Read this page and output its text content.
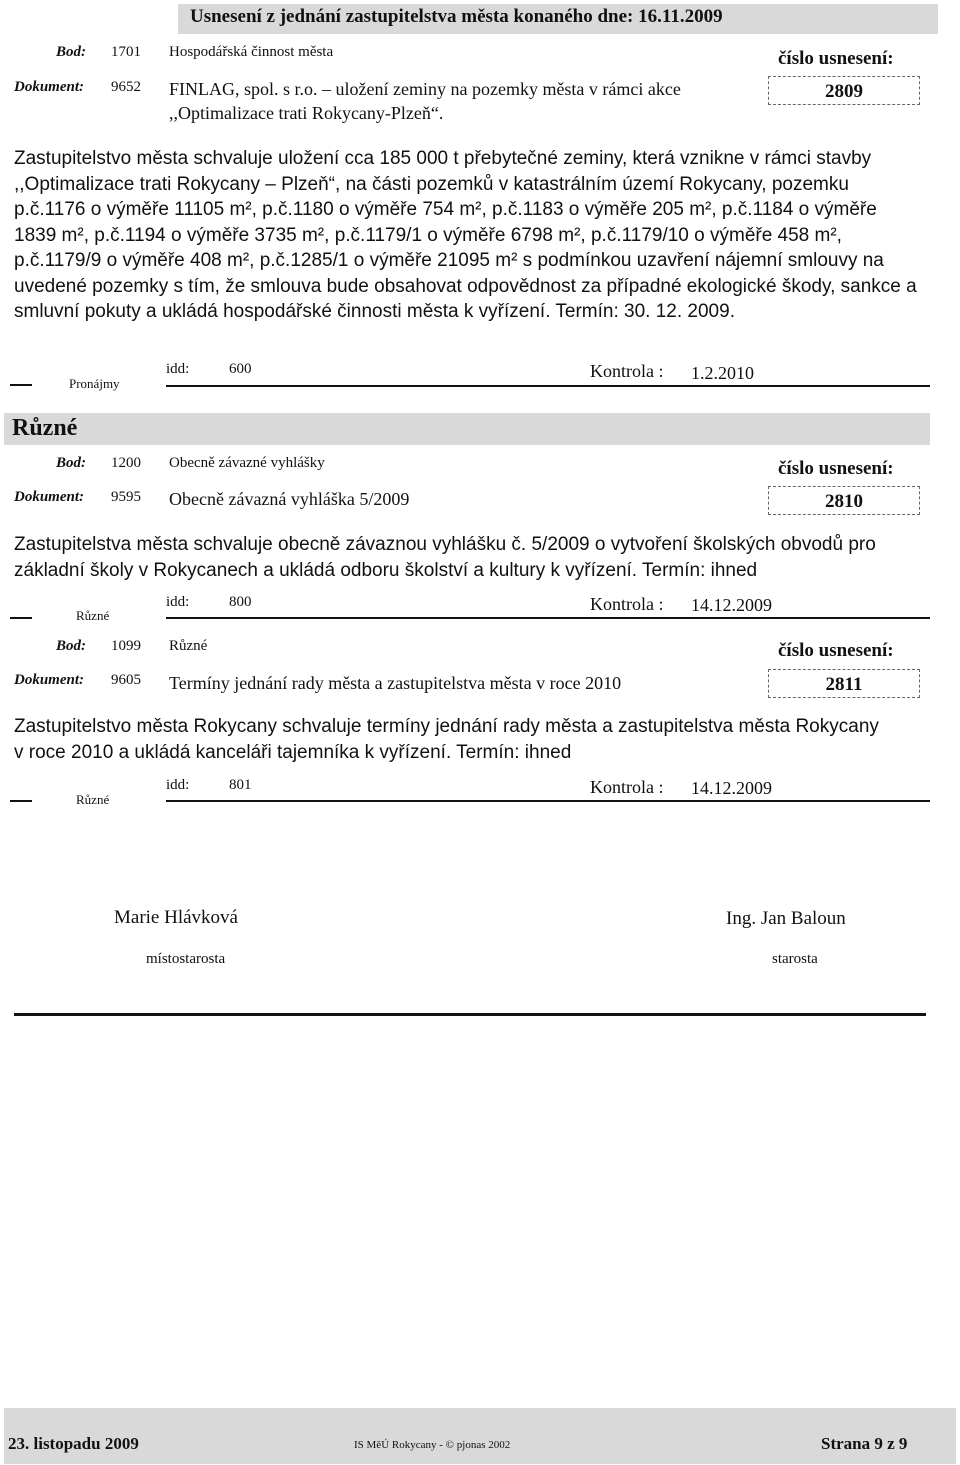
Usnesení z jednání zastupitelstva města konaného dne: 16.11.2009
Bod: 1701 Hospodářská činnost města	číslo usnesení:
Dokument: 9652 FINLAG, spol. s r.o. – uložení zeminy na pozemky města v rámci akce
,,Optimalizace trati Rokycany-Plzeň“.
2809
Zastupitelstvo města schvaluje uložení cca 185 000 t přebytečné zeminy, která vznikne v rámci stavby ,,Optimalizace trati Rokycany – Plzeň“, na části pozemků v katastrálním území Rokycany, pozemku p.č.1176 o výměře 11105 m², p.č.1180 o výměře 754 m², p.č.1183 o výměře 205 m², p.č.1184 o výměře 1839 m², p.č.1194 o výměře 3735 m², p.č.1179/1 o výměře 6798 m², p.č.1179/10 o výměře 458 m², p.č.1179/9 o výměře 408 m², p.č.1285/1 o výměře 21095 m² s podmínkou uzavření nájemní smlouvy na uvedené pozemky s tím, že smlouva bude obsahovat odpovědnost za případné ekologické škody, sankce a smluvní pokuty a ukládá hospodářské činnosti města k vyřízení. Termín: 30. 12. 2009.
Pronájmy
idd:	600	Kontrola : 1.2.2010
Různé
Bod: 1200 Obecně závazné vyhlášky	číslo usnesení:
Dokument: 9595 Obecně závazná vyhláška 5/2009	2810
Zastupitelstva města schvaluje obecně závaznou vyhlášku č. 5/2009 o vytvoření školských obvodů pro základní školy v Rokycanech a ukládá odboru školství a kultury k vyřízení. Termín: ihned
Různé
idd:	800	Kontrola : 14.12.2009
Bod: 1099 Různé	číslo usnesení:
Dokument: 9605 Termíny jednání rady města a zastupitelstva města v roce 2010	2811
Zastupitelstvo města Rokycany schvaluje termíny jednání rady města a zastupitelstva města Rokycany v roce 2010 a ukládá kanceláři tajemníka k vyřízení. Termín: ihned
Různé
idd:	801	Kontrola : 14.12.2009
Marie Hlávková
místostarosta
Ing. Jan Baloun
starosta
23. listopadu 2009	IS MěÚ Rokycany - © pjonas 2002	Strana 9 z 9
